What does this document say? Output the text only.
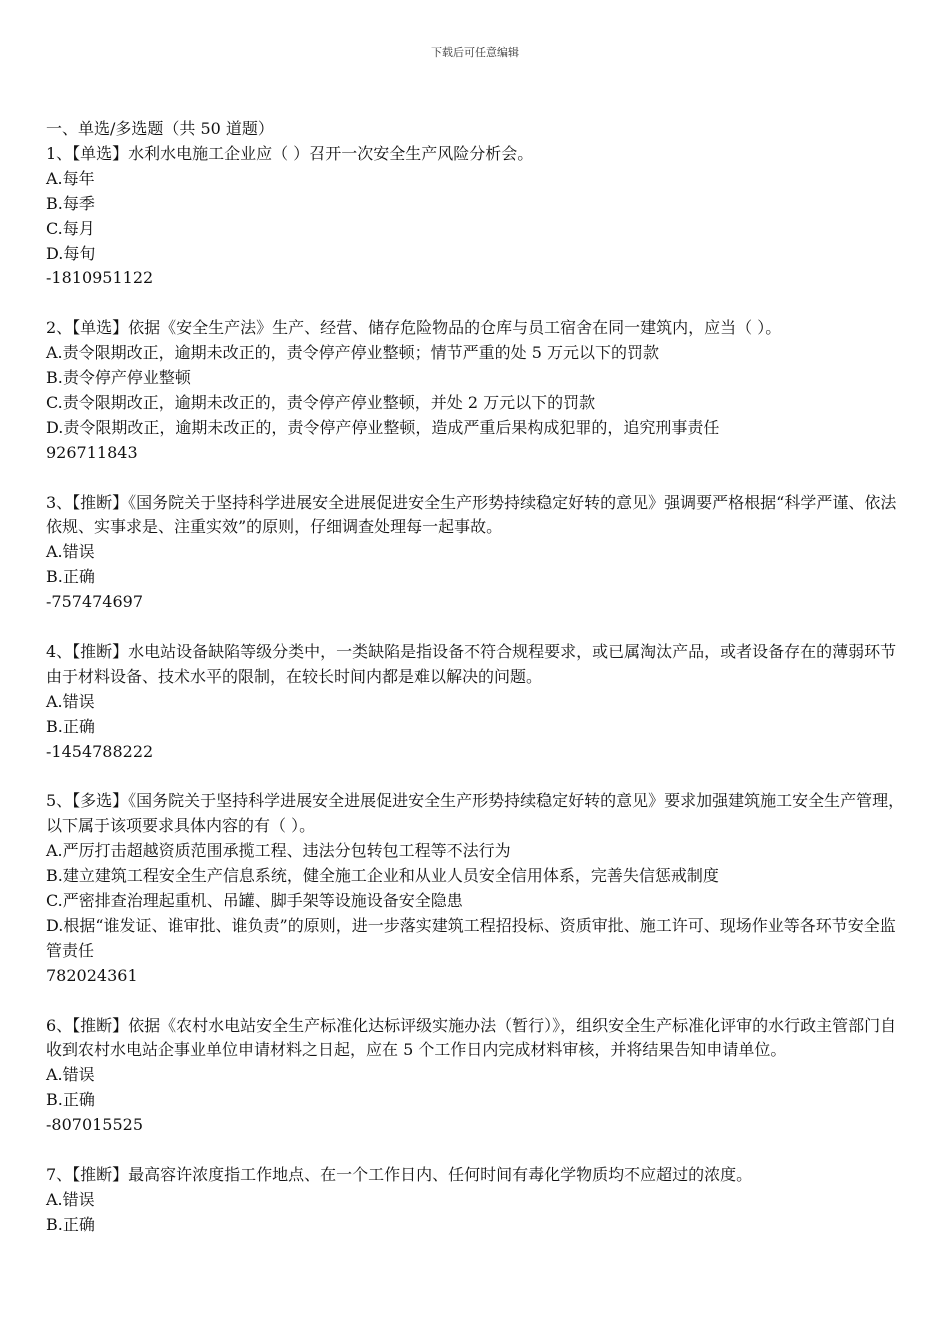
下载后可任意编辑
一、单选/多选题（共 50 道题）
1、【单选】水利水电施工企业应（ ）召开一次安全生产风险分析会。
A.每年
B.每季
C.每月
D.每旬
-1810951122
2、【单选】依据《安全生产法》生产、经营、储存危险物品的仓库与员工宿舍在同一建筑内，应当（ ）。
A.责令限期改正，逾期未改正的，责令停产停业整顿；情节严重的处 5 万元以下的罚款
B.责令停产停业整顿
C.责令限期改正，逾期未改正的，责令停产停业整顿，并处 2 万元以下的罚款
D.责令限期改正，逾期未改正的，责令停产停业整顿，造成严重后果构成犯罪的，追究刑事责任
926711843
3、【推断】《国务院关于坚持科学进展安全进展促进安全生产形势持续稳定好转的意见》强调要严格根据“科学严谨、依法依规、实事求是、注重实效”的原则，仔细调查处理每一起事故。
A.错误
B.正确
-757474697
4、【推断】水电站设备缺陷等级分类中，一类缺陷是指设备不符合规程要求，或已属淘汰产品，或者设备存在的薄弱环节由于材料设备、技术水平的限制，在较长时间内都是难以解决的问题。
A.错误
B.正确
-1454788222
5、【多选】《国务院关于坚持科学进展安全进展促进安全生产形势持续稳定好转的意见》要求加强建筑施工安全生产管理，以下属于该项要求具体内容的有（ ）。
A.严厉打击超越资质范围承揽工程、违法分包转包工程等不法行为
B.建立建筑工程安全生产信息系统，健全施工企业和从业人员安全信用体系，完善失信惩戒制度
C.严密排查治理起重机、吊罐、脚手架等设施设备安全隐患
D.根据“谁发证、谁审批、谁负责”的原则，进一步落实建筑工程招投标、资质审批、施工许可、现场作业等各环节安全监管责任
782024361
6、【推断】依据《农村水电站安全生产标准化达标评级实施办法（暂行）》，组织安全生产标准化评审的水行政主管部门自收到农村水电站企事业单位申请材料之日起，应在 5 个工作日内完成材料审核，并将结果告知申请单位。
A.错误
B.正确
-807015525
7、【推断】最高容许浓度指工作地点、在一个工作日内、任何时间有毒化学物质均不应超过的浓度。
A.错误
B.正确
